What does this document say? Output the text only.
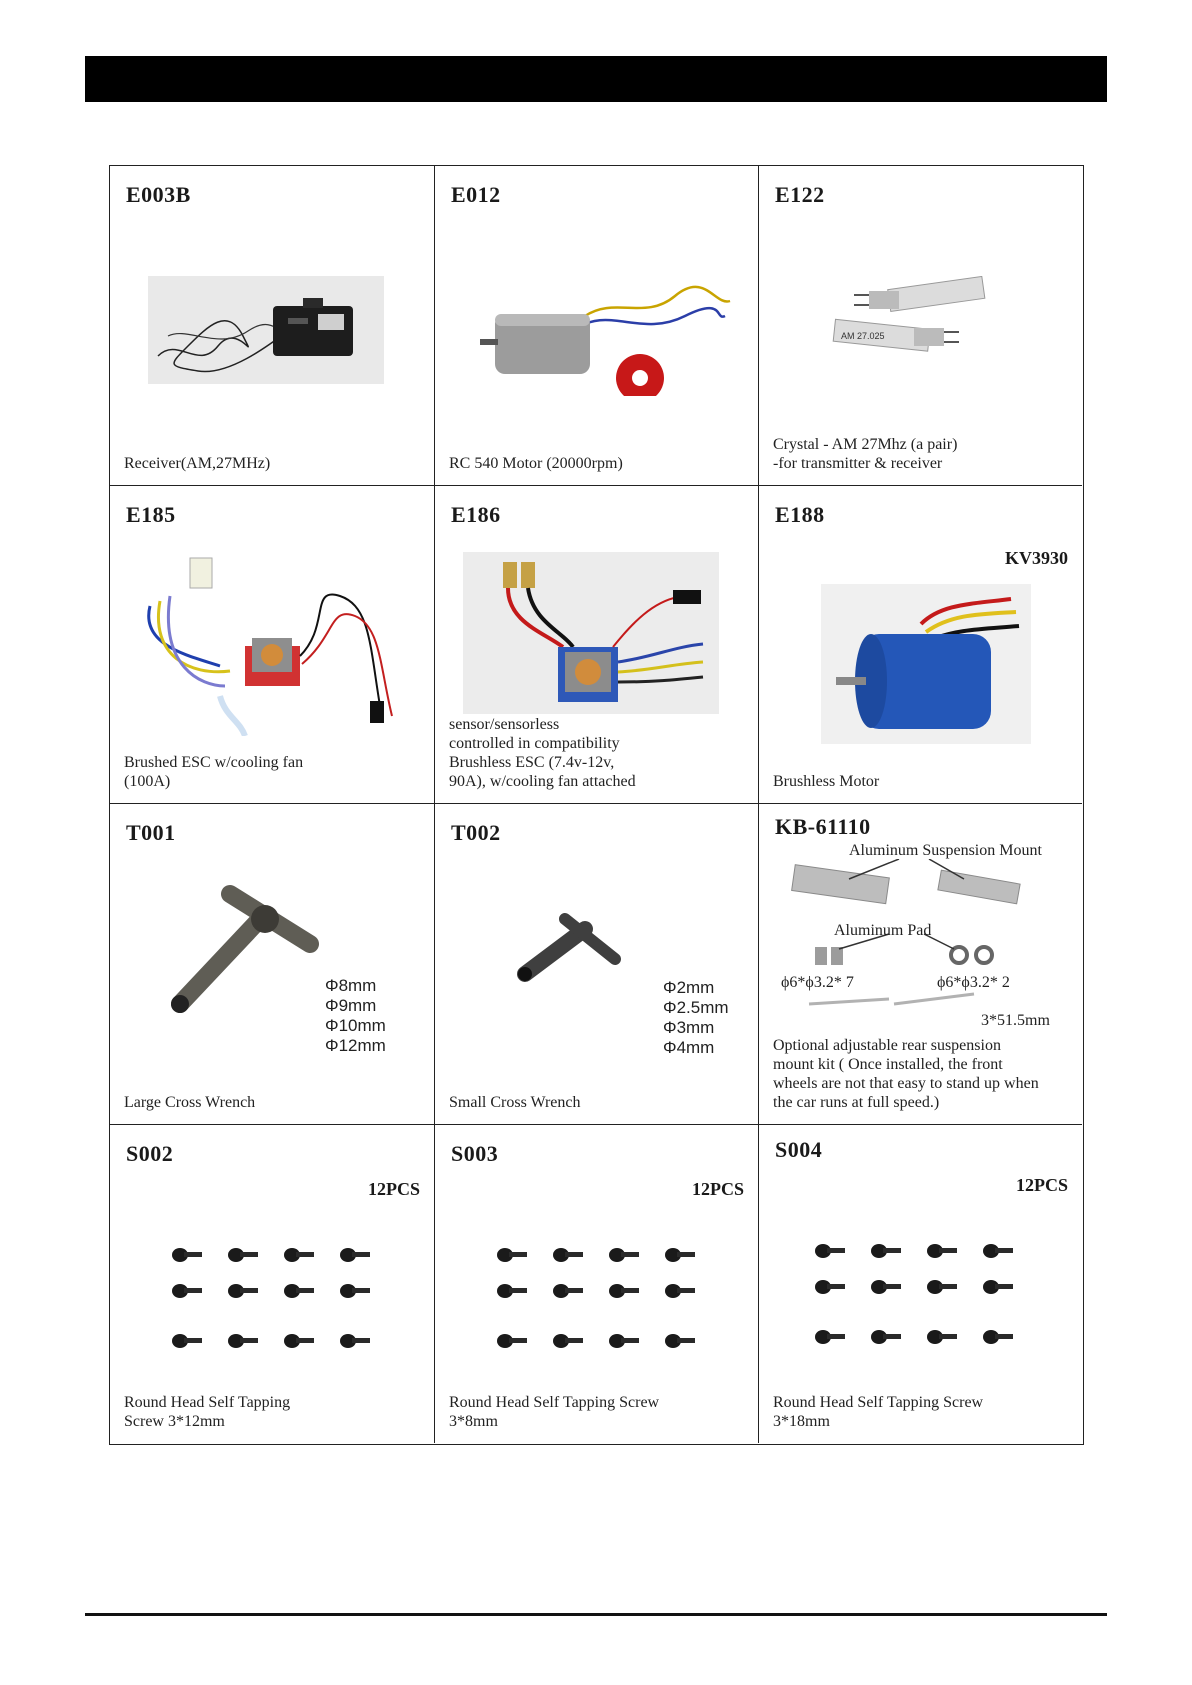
E003B
Receiver(AM,27MHz)
E012
RC 540 Motor (20000rpm)
E122
AM 27.025
Crystal - AM 27Mhz (a pair)
-for transmitter & receiver
E185
Brushed ESC w/cooling fan
(100A)
E186
sensor/sensorless
controlled in compatibility
Brushless ESC (7.4v-12v,
90A), w/cooling fan attached
E188
KV3930
Brushless Motor
T001
Φ8mm
Φ9mm
Φ10mm
Φ12mm
Large Cross Wrench
T002
Φ2mm
Φ2.5mm
Φ3mm
Φ4mm
Small Cross Wrench
KB-61110
Aluminum Suspension Mount
Aluminum Pad
ϕ6*ϕ3.2* 7	ϕ6*ϕ3.2* 2
3*51.5mm
Optional adjustable rear suspension
mount kit ( Once installed, the front
wheels are not that easy to stand up when
the car runs at full speed.)
S002
12PCS
Round Head Self Tapping
Screw 3*12mm
S003
12PCS
Round Head Self Tapping Screw
3*8mm
S004
12PCS
Round Head Self Tapping Screw
3*18mm
